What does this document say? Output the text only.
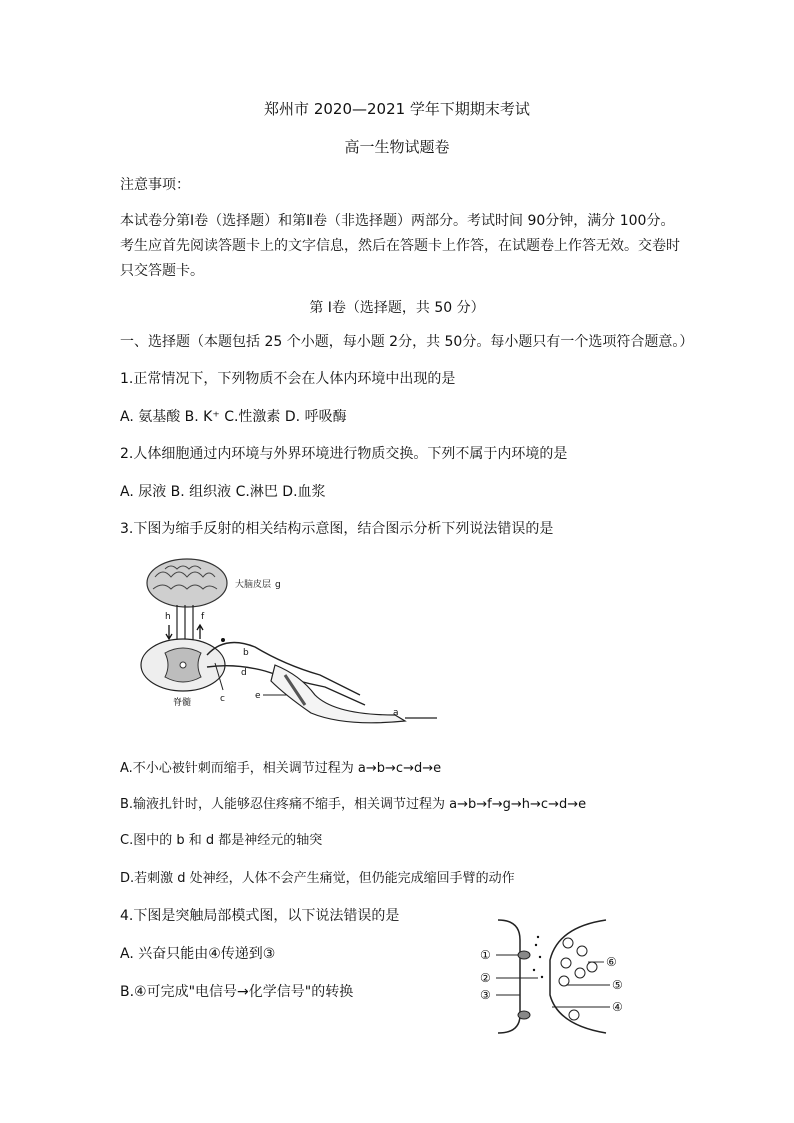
郑州市 2020—2021 学年下期期末考试
高一生物试题卷
注意事项：
本试卷分第Ⅰ卷（选择题）和第Ⅱ卷（非选择题）两部分。考试时间 90分钟，满分 100分。
考生应首先阅读答题卡上的文字信息，然后在答题卡上作答，在试题卷上作答无效。交卷时
只交答题卡。
第 Ⅰ卷（选择题，共 50 分）
一、选择题（本题包括 25 个小题，每小题 2分，共 50分。每小题只有一个选项符合题意。）
1.正常情况下，下列物质不会在人体内环境中出现的是
A. 氨基酸 B. K⁺ C.性激素 D. 呼吸酶
2.人体细胞通过内环境与外界环境进行物质交换。下列不属于内环境的是
A. 尿液 B. 组织液 C.淋巴 D.血浆
3.下图为缩手反射的相关结构示意图，结合图示分析下列说法错误的是
大脑皮层 g
h	f
脊髓
b
d
c	e
a
A.不小心被针刺而缩手，相关调节过程为 a→b→c→d→e
B.输液扎针时，人能够忍住疼痛不缩手，相关调节过程为 a→b→f→g→h→c→d→e
C.图中的 b 和 d 都是神经元的轴突
D.若刺激 d 处神经，人体不会产生痛觉，但仍能完成缩回手臂的动作
4.下图是突触局部模式图，以下说法错误的是
A. 兴奋只能由④传递到③
B.④可完成"电信号→化学信号"的转换
①
②
③
④
⑤
⑥
